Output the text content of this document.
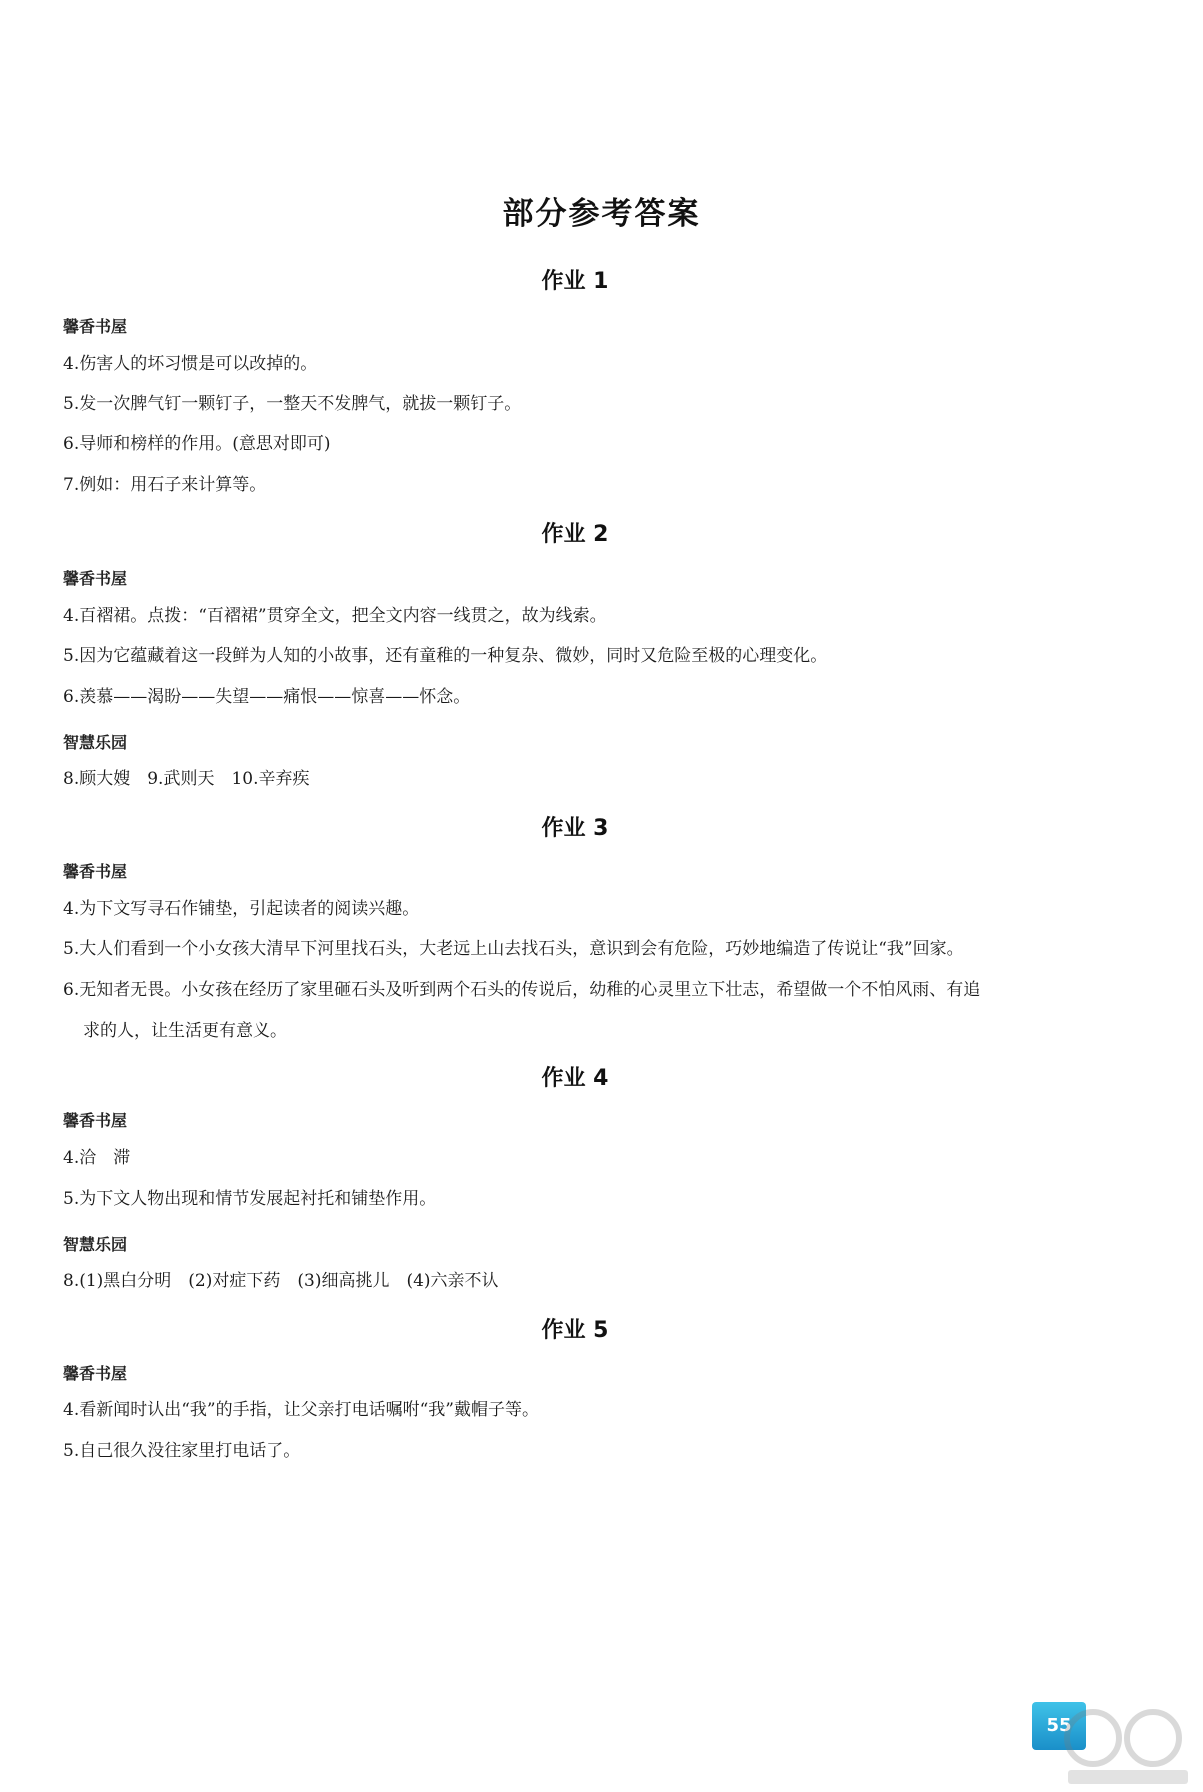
部分参考答案
作业 1
馨香书屋
4.伤害人的坏习惯是可以改掉的。
5.发一次脾气钉一颗钉子，一整天不发脾气，就拔一颗钉子。
6.导师和榜样的作用。(意思对即可)
7.例如：用石子来计算等。
作业 2
馨香书屋
4.百褶裙。点拨：“百褶裙”贯穿全文，把全文内容一线贯之，故为线索。
5.因为它蕴藏着这一段鲜为人知的小故事，还有童稚的一种复杂、微妙，同时又危险至极的心理变化。
6.羡慕——渴盼——失望——痛恨——惊喜——怀念。
智慧乐园
8.顾大嫂　9.武则天　10.辛弃疾
作业 3
馨香书屋
4.为下文写寻石作铺垫，引起读者的阅读兴趣。
5.大人们看到一个小女孩大清早下河里找石头，大老远上山去找石头，意识到会有危险，巧妙地编造了传说让“我”回家。
6.无知者无畏。小女孩在经历了家里砸石头及听到两个石头的传说后，幼稚的心灵里立下壮志，希望做一个不怕风雨、有追
求的人，让生活更有意义。
作业 4
馨香书屋
4.洽　滞
5.为下文人物出现和情节发展起衬托和铺垫作用。
智慧乐园
8.(1)黑白分明　(2)对症下药　(3)细高挑儿　(4)六亲不认
作业 5
馨香书屋
4.看新闻时认出“我”的手指，让父亲打电话嘱咐“我”戴帽子等。
5.自己很久没往家里打电话了。
55
